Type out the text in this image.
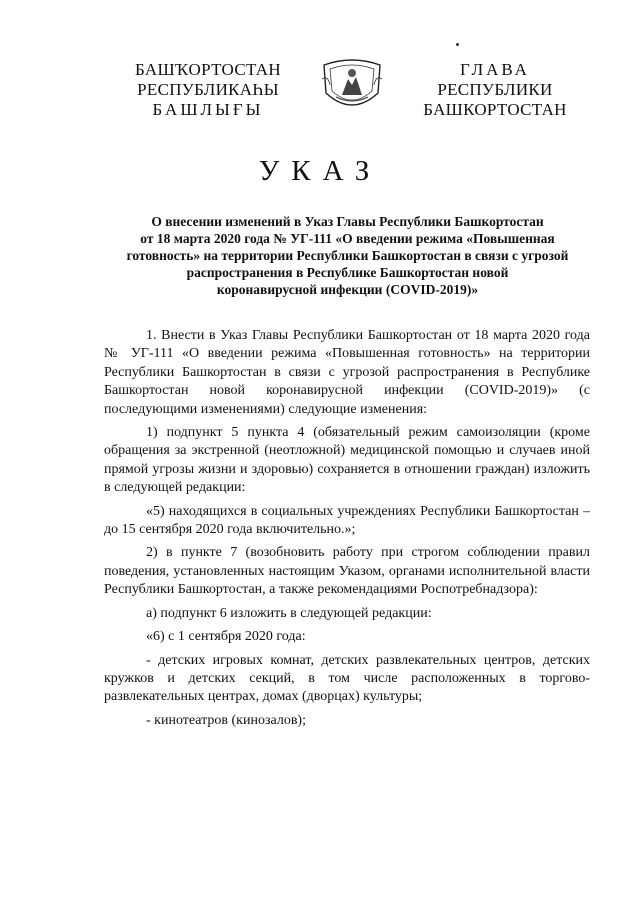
БАШҠОРТОСТАН
РЕСПУБЛИКАҺЫ
БАШЛЫҒЫ
ГЛАВА
РЕСПУБЛИКИ
БАШКОРТОСТАН
УКАЗ
О внесении изменений в Указ Главы Республики Башкортостан
от 18 марта 2020 года № УГ-111 «О введении режима «Повышенная
готовность» на территории Республики Башкортостан в связи с угрозой
распространения в Республике Башкортостан новой
коронавирусной инфекции (COVID-2019)»

1. Внести в Указ Главы Республики Башкортостан от 18 марта 2020 года № УГ-111 «О введении режима «Повышенная готовность» на территории Республики Башкортостан в связи с угрозой распространения в Республике Башкортостан новой коронавирусной инфекции (COVID-2019)» (с последующими изменениями) следующие изменения:

1) подпункт 5 пункта 4 (обязательный режим самоизоляции (кроме обращения за экстренной (неотложной) медицинской помощью и случаев иной прямой угрозы жизни и здоровью) сохраняется в отношении граждан) изложить в следующей редакции:

«5) находящихся в социальных учреждениях Республики Башкортостан – до 15 сентября 2020 года включительно.»;

2) в пункте 7 (возобновить работу при строгом соблюдении правил поведения, установленных настоящим Указом, органами исполнительной власти Республики Башкортостан, а также рекомендациями Роспотребнадзора):

а) подпункт 6 изложить в следующей редакции:

«6) с 1 сентября 2020 года:

- детских игровых комнат, детских развлекательных центров, детских кружков и детских секций, в том числе расположенных в торгово-развлекательных центрах, домах (дворцах) культуры;

- кинотеатров (кинозалов);
